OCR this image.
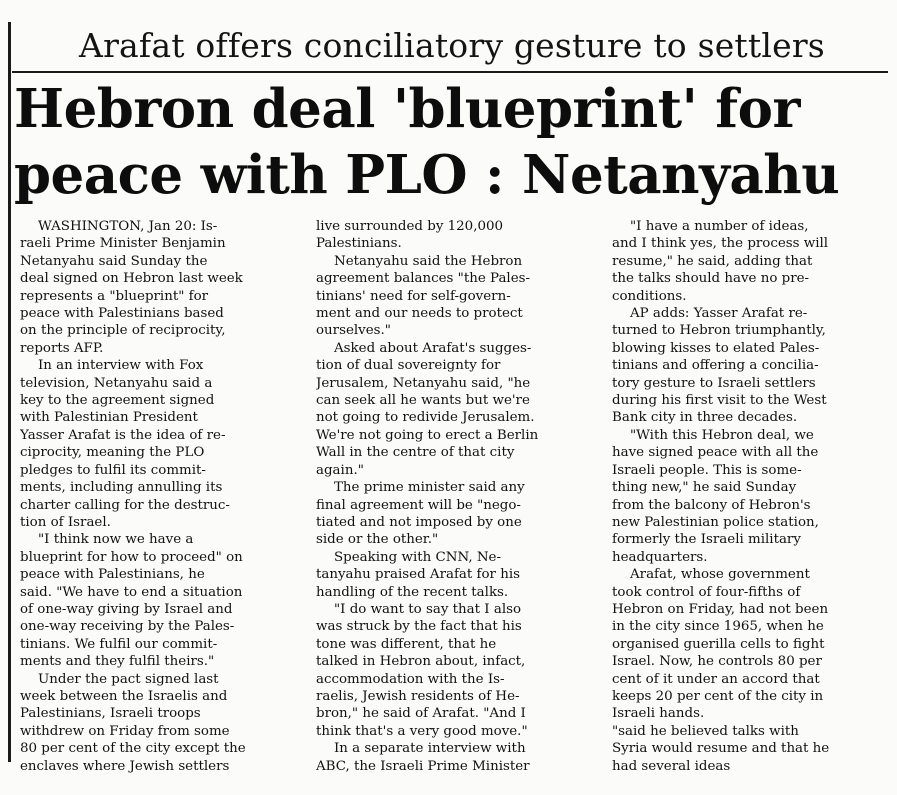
Arafat offers conciliatory gesture to settlers
Hebron deal 'blueprint' for
peace with PLO : Netanyahu
WASHINGTON, Jan 20: Is-
raeli Prime Minister Benjamin
Netanyahu said Sunday the
deal signed on Hebron last week
represents a "blueprint" for
peace with Palestinians based
on the principle of reciprocity,
reports AFP.
In an interview with Fox
television, Netanyahu said a
key to the agreement signed
with Palestinian President
Yasser Arafat is the idea of re-
ciprocity, meaning the PLO
pledges to fulfil its commit-
ments, including annulling its
charter calling for the destruc-
tion of Israel.
"I think now we have a
blueprint for how to proceed" on
peace with Palestinians, he
said. "We have to end a situation
of one-way giving by Israel and
one-way receiving by the Pales-
tinians. We fulfil our commit-
ments and they fulfil theirs."
Under the pact signed last
week between the Israelis and
Palestinians, Israeli troops
withdrew on Friday from some
80 per cent of the city except the
enclaves where Jewish settlers
live surrounded by 120,000
Palestinians.
Netanyahu said the Hebron
agreement balances "the Pales-
tinians' need for self-govern-
ment and our needs to protect
ourselves."
Asked about Arafat's sugges-
tion of dual sovereignty for
Jerusalem, Netanyahu said, "he
can seek all he wants but we're
not going to redivide Jerusalem.
We're not going to erect a Berlin
Wall in the centre of that city
again."
The prime minister said any
final agreement will be "nego-
tiated and not imposed by one
side or the other."
Speaking with CNN, Ne-
tanyahu praised Arafat for his
handling of the recent talks.
"I do want to say that I also
was struck by the fact that his
tone was different, that he
talked in Hebron about, infact,
accommodation with the Is-
raelis, Jewish residents of He-
bron," he said of Arafat. "And I
think that's a very good move."
In a separate interview with
ABC, the Israeli Prime Minister
"I have a number of ideas,
and I think yes, the process will
resume," he said, adding that
the talks should have no pre-
conditions.
AP adds: Yasser Arafat re-
turned to Hebron triumphantly,
blowing kisses to elated Pales-
tinians and offering a concilia-
tory gesture to Israeli settlers
during his first visit to the West
Bank city in three decades.
"With this Hebron deal, we
have signed peace with all the
Israeli people. This is some-
thing new," he said Sunday
from the balcony of Hebron's
new Palestinian police station,
formerly the Israeli military
headquarters.
Arafat, whose government
took control of four-fifths of
Hebron on Friday, had not been
in the city since 1965, when he
organised guerilla cells to fight
Israel. Now, he controls 80 per
cent of it under an accord that
keeps 20 per cent of the city in
Israeli hands.
"said he believed talks with
Syria would resume and that he
had several ideas
